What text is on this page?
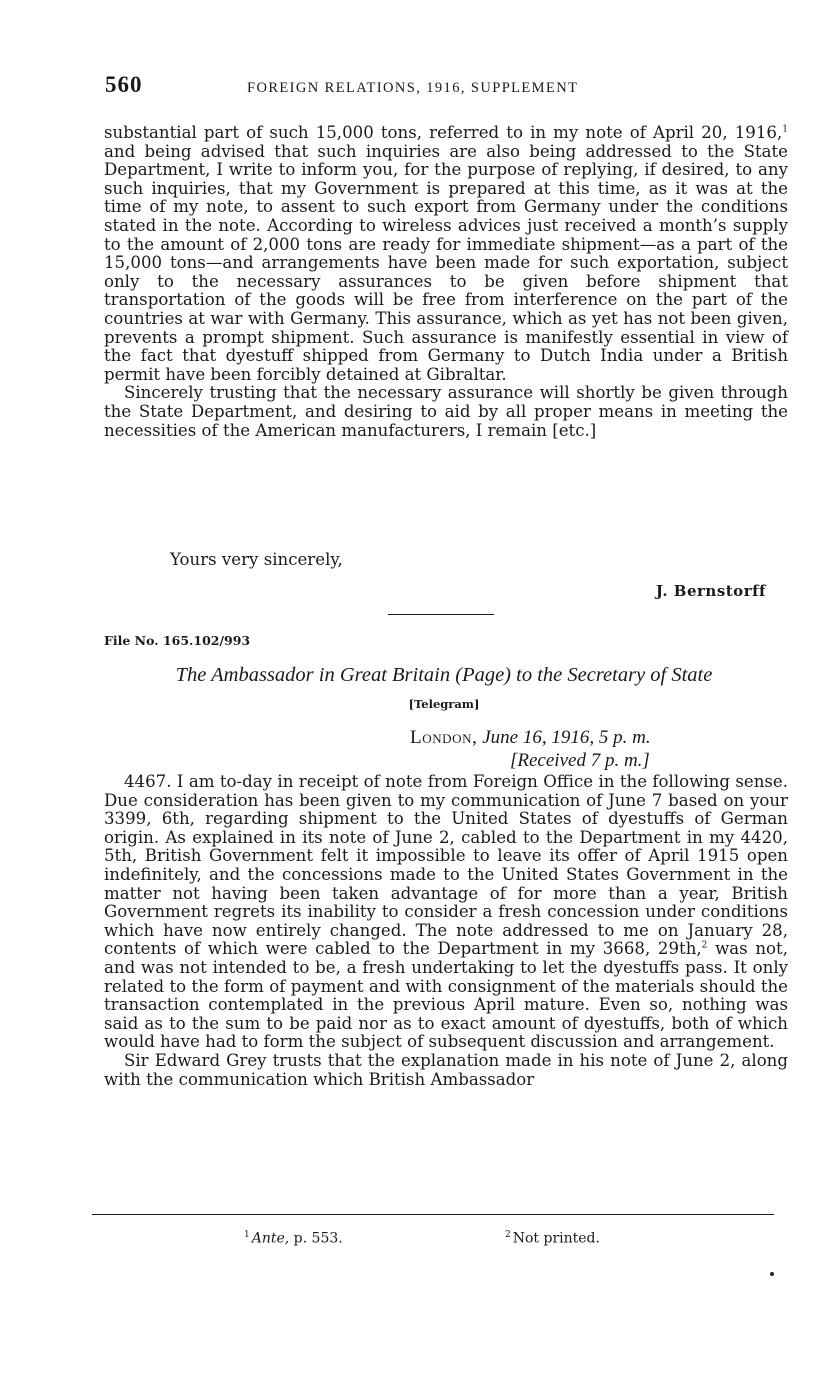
560	FOREIGN RELATIONS, 1916, SUPPLEMENT

substantial part of such 15,000 tons, referred to in my note of April 20, 1916,$^1$ and being advised that such inquiries are also being addressed to the State Department, I write to inform you, for the purpose of replying, if desired, to any such inquiries, that my Government is prepared at this time, as it was at the time of my note, to assent to such export from Germany under the conditions stated in the note. According to wireless advices just received a month’s supply to the amount of 2,000 tons are ready for immediate shipment—as a part of the 15,000 tons—and arrangements have been made for such exportation, subject only to the necessary assurances to be given before shipment that transportation of the goods will be free from interference on the part of the countries at war with Germany. This assurance, which as yet has not been given, prevents a prompt shipment. Such assurance is manifestly essential in view of the fact that dyestuff shipped from Germany to Dutch India under a British permit have been forcibly detained at Gibraltar.

Sincerely trusting that the necessary assurance will shortly be given through the State Department, and desiring to aid by all proper means in meeting the necessities of the American manufacturers, I remain [etc.]

Yours very sincerely,
J. Bernstorff
File No. 165.102/993
The Ambassador in Great Britain (Page) to the Secretary of State
[Telegram]
London, June 16, 1916, 5 p. m.
[Received 7 p. m.]

4467. I am to-day in receipt of note from Foreign Office in the following sense. Due consideration has been given to my communication of June 7 based on your 3399, 6th, regarding shipment to the United States of dyestuffs of German origin. As explained in its note of June 2, cabled to the Department in my 4420, 5th, British Government felt it impossible to leave its offer of April 1915 open indefinitely, and the concessions made to the United States Government in the matter not having been taken advantage of for more than a year, British Government regrets its inability to consider a fresh concession under conditions which have now entirely changed. The note addressed to me on January 28, contents of which were cabled to the Department in my 3668, 29th,$^2$ was not, and was not intended to be, a fresh undertaking to let the dyestuffs pass. It only related to the form of payment and with consignment of the materials should the transaction contemplated in the previous April mature. Even so, nothing was said as to the sum to be paid nor as to exact amount of dyestuffs, both of which would have had to form the subject of subsequent discussion and arrangement.

Sir Edward Grey trusts that the explanation made in his note of June 2, along with the communication which British Ambassador

$^1$ Ante, p. 553.	$^2$ Not printed.
